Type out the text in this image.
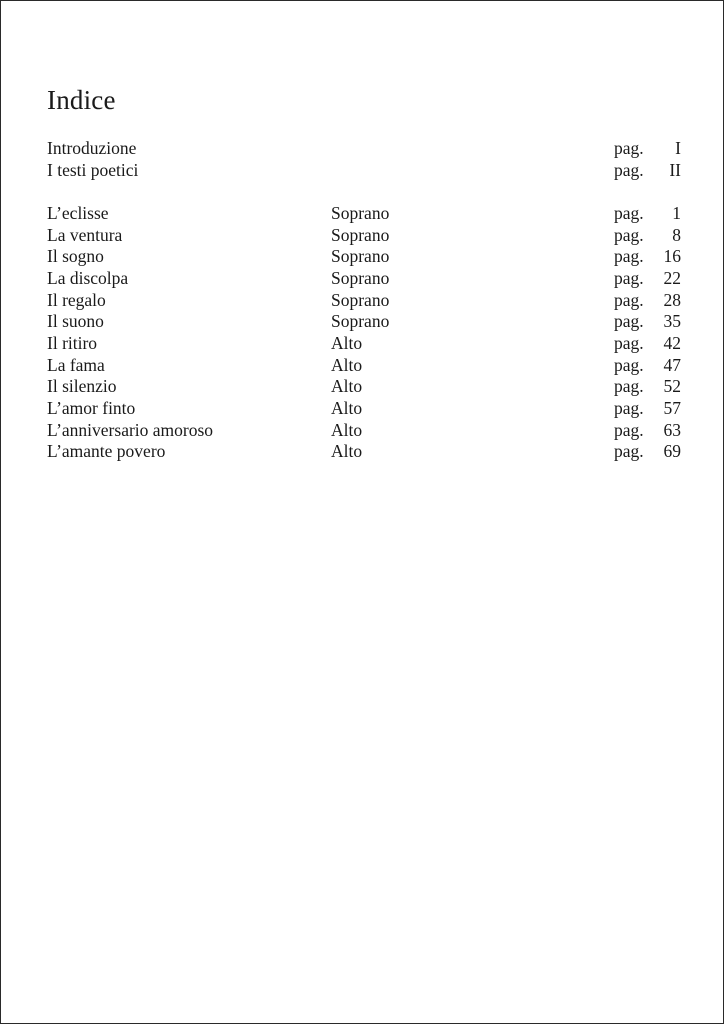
Indice
Introduzione	pag. I
I testi poetici	pag. II
L’eclisse	Soprano	pag. 1
La ventura	Soprano	pag. 8
Il sogno	Soprano	pag. 16
La discolpa	Soprano	pag. 22
Il regalo	Soprano	pag. 28
Il suono	Soprano	pag. 35
Il ritiro	Alto	pag. 42
La fama	Alto	pag. 47
Il silenzio	Alto	pag. 52
L’amor finto	Alto	pag. 57
L’anniversario amoroso	Alto	pag. 63
L’amante povero	Alto	pag. 69
